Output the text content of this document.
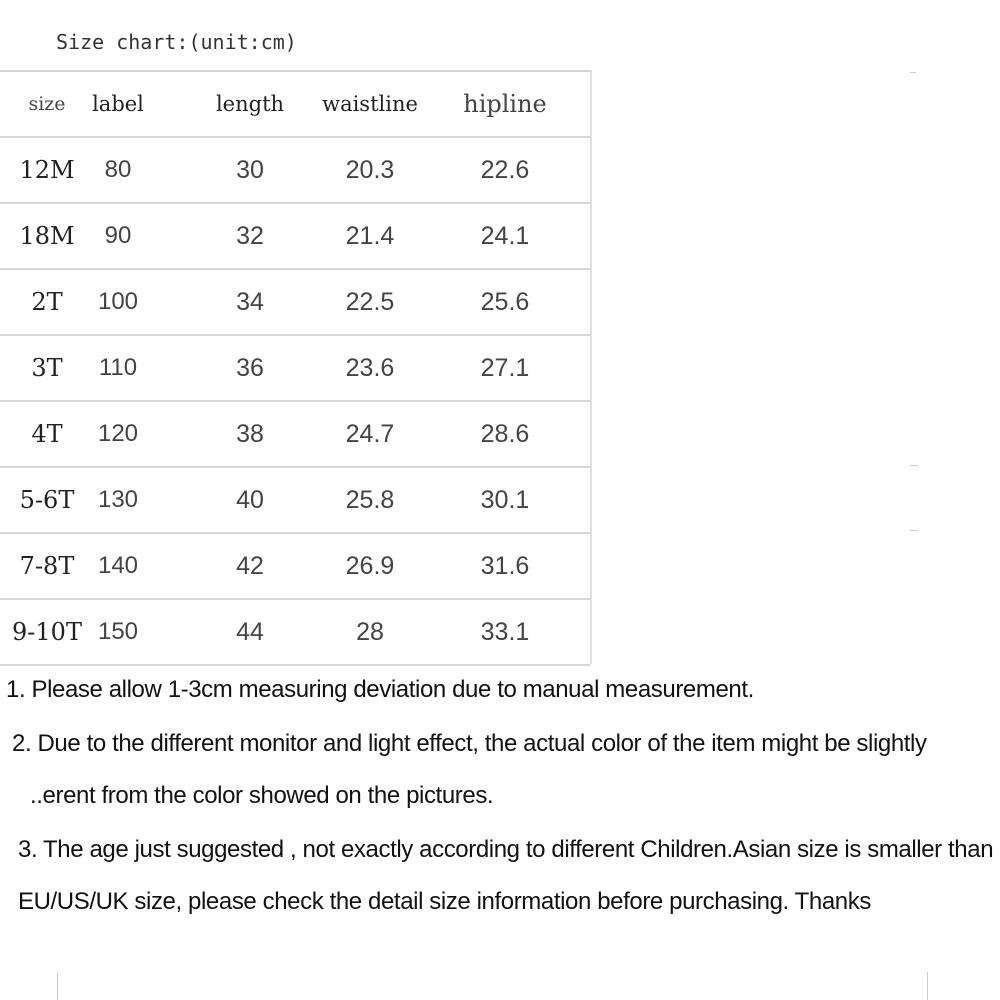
Size chart:(unit:cm)
size	label	length	waistline	hipline
12M	80	30	20.3	22.6
18M	90	32	21.4	24.1
2T	100	34	22.5	25.6
3T	110	36	23.6	27.1
4T	120	38	24.7	28.6
5-6T 130	40	25.8	30.1
7-8T 140	42	26.9	31.6
9-10T 150	44	28	33.1
1. Please allow 1-3cm measuring deviation due to manual measurement.
2. Due to the different monitor and light effect, the actual color of the item might be slightly
..erent from the color showed on the pictures.
3. The age just suggested , not exactly according to different Children.Asian size is smaller than
EU/US/UK size, please check the detail size information before purchasing. Thanks
